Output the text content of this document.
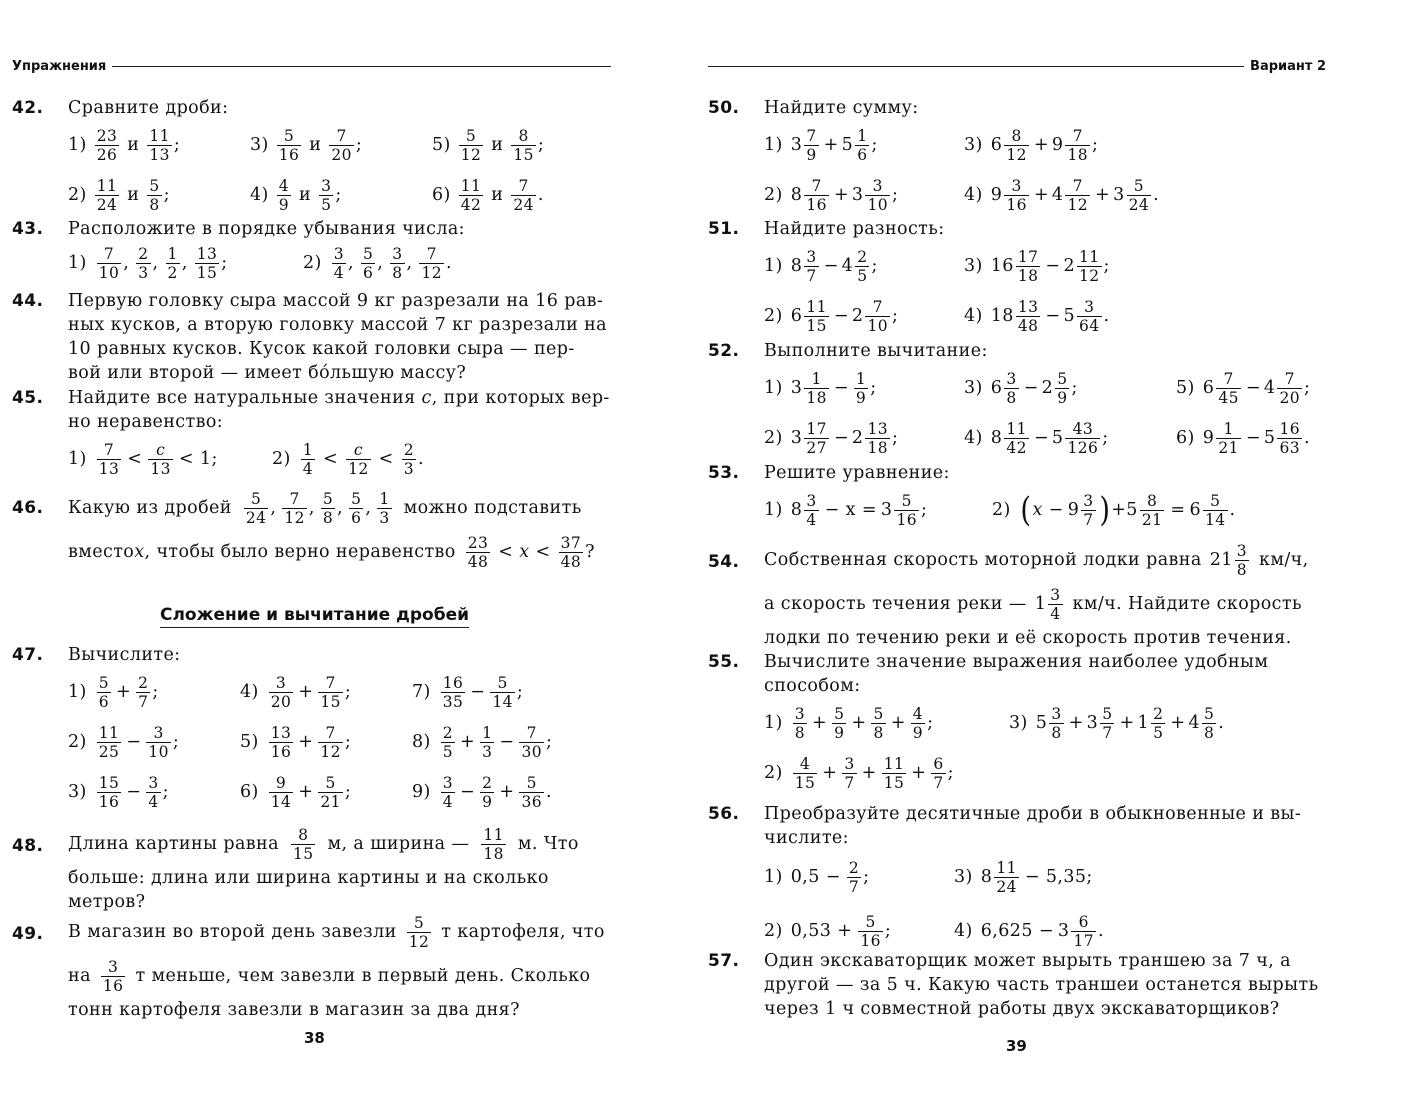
Упражнения
42. Сравните дроби:
$1) \frac{23}{26}$ и $\frac{11}{13}$ ;	$3) \frac{5}{16}$ и $\frac{7}{20}$ ;	$5) \frac{5}{12}$ и $\frac{8}{15}$ ;
$2) \frac{11}{24}$ и $\frac{5}{8}$ ;	$4) \frac{4}{9}$ и $\frac{3}{5}$ ;	$6) \frac{11}{42}$ и $\frac{7}{24}$ .
43. Расположите в порядке убывания числа:
$1) \frac{7}{10}$ , $\frac{2}{3}$ , $\frac{1}{2}$ , $\frac{13}{15}$ ;	$2) \frac{3}{4}$ , $\frac{5}{6}$ , $\frac{3}{8}$ , $\frac{7}{12}$ .
44. Первую головку сыра массой 9 кг разрезали на 16 рав-
ных кусков, а вторую головку массой 7 кг разрезали на
10 равных кусков. Кусок какой головки сыра — пер-
вой или второй — имеет бо́льшую массу?
45. Найдите все натуральные значения c, при которых вер-
но неравенство:
$1) \frac{7}{13} < \frac{c}{13} < 1$;	$2) \frac{1}{4} < \frac{c}{12} < \frac{2}{3}$ .
46. Какую из дробей $\frac{5}{24}$ , $\frac{7}{12}$ , $\frac{5}{8}$ , $\frac{5}{6}$ , $\frac{1}{3}$ можно подставить
вместо x , чтобы было верно неравенство $\frac{23}{48} < x < \frac{37}{48}$ ?
Сложение и вычитание дробей
47. Вычислите:
$1) \frac{5}{6} + \frac{2}{7}$ ;	$4) \frac{3}{20} + \frac{7}{15}$ ;	$7) \frac{16}{35} - \frac{5}{14}$ ;
$2) \frac{11}{25} - \frac{3}{10}$ ;	$5) \frac{13}{16} + \frac{7}{12}$ ;	$8) \frac{2}{5} + \frac{1}{3} - \frac{7}{30}$ ;
$3) \frac{15}{16} - \frac{3}{4}$ ;	$6) \frac{9}{14} + \frac{5}{21}$ ;	$9) \frac{3}{4} - \frac{2}{9} + \frac{5}{36}$ .
48. Длина картины равна $\frac{8}{15} м$, а ширина — $\frac{11}{18} м$. Что
больше: длина или ширина картины и на сколько
метров?
49. В магазин во второй день завезли $\frac{5}{12}$ т картофеля, что
на $\frac{3}{16}$ т меньше, чем завезли в первый день. Сколько
тонн картофеля завезли в магазин за два дня?
38
Вариант 2
50. Найдите сумму:
1) $3 \frac{7}{9} + 5 \frac{1}{6}$ ;	3) $6 \frac{8}{12} + 9 \frac{7}{18}$ ;
2) $8 \frac{7}{16} + 3 \frac{3}{10}$ ;	4) $9 \frac{3}{16} + 4 \frac{7}{12} + 3 \frac{5}{24}$ .
51. Найдите разность:
1) $8 \frac{3}{7} - 4 \frac{2}{5}$ ;	3) $16 \frac{17}{18} - 2 \frac{11}{12}$ ;
2) $6 \frac{11}{15} - 2 \frac{7}{10}$ ;	4) $18 \frac{13}{48} - 5 \frac{3}{64}$ .
52. Выполните вычитание:
1) $3 \frac{1}{18} - \frac{1}{9}$ ;	3) $6 \frac{3}{8} - 2 \frac{5}{9}$ ;	5) $6 \frac{7}{45} - 4 \frac{7}{20}$ ;
2) $3 \frac{17}{27} - 2 \frac{13}{18}$ ;	4) $8 \frac{11}{42} - 5 \frac{43}{126}$ ;	6) $9 \frac{1}{21} - 5 \frac{16}{63}$ .
53. Решите уравнение:
1) $8 \frac{3}{4} - x = 3 \frac{5}{16}$ ;	2) ( $x - 9 \frac{3}{7}$ ) + $5 \frac{8}{21} = 6 \frac{5}{14}$ .
54. Собственная скорость моторной лодки равна $21 \frac{3}{8} км/ч$,
а скорость течения реки — $1 \frac{3}{4} км/ч$. Найдите скорость
лодки по течению реки и её скорость против течения.
55. Вычислите значение выражения наиболее удобным
способом:
$1) \frac{3}{8} + \frac{5}{9} + \frac{5}{8} + \frac{4}{9}$ ;	3) $5 \frac{3}{8} + 3 \frac{5}{7} + 1 \frac{2}{5} + 4 \frac{5}{8}$ .
$2) \frac{4}{15} + \frac{3}{7} + \frac{11}{15} + \frac{6}{7}$ ;
56. Преобразуйте десятичные дроби в обыкновенные и вы-
числите:
1) $0,5 - \frac{2}{7}$ ;	3) $8 \frac{11}{24} - 5,35$;
2) $0,53 + \frac{5}{16}$ ;	4) $6,625 - 3 \frac{6}{17}$ .
57. Один экскаваторщик может вырыть траншею за 7 ч, а
другой — за 5 ч. Какую часть траншеи останется вырыть
через 1 ч совместной работы двух экскаваторщиков?
39
